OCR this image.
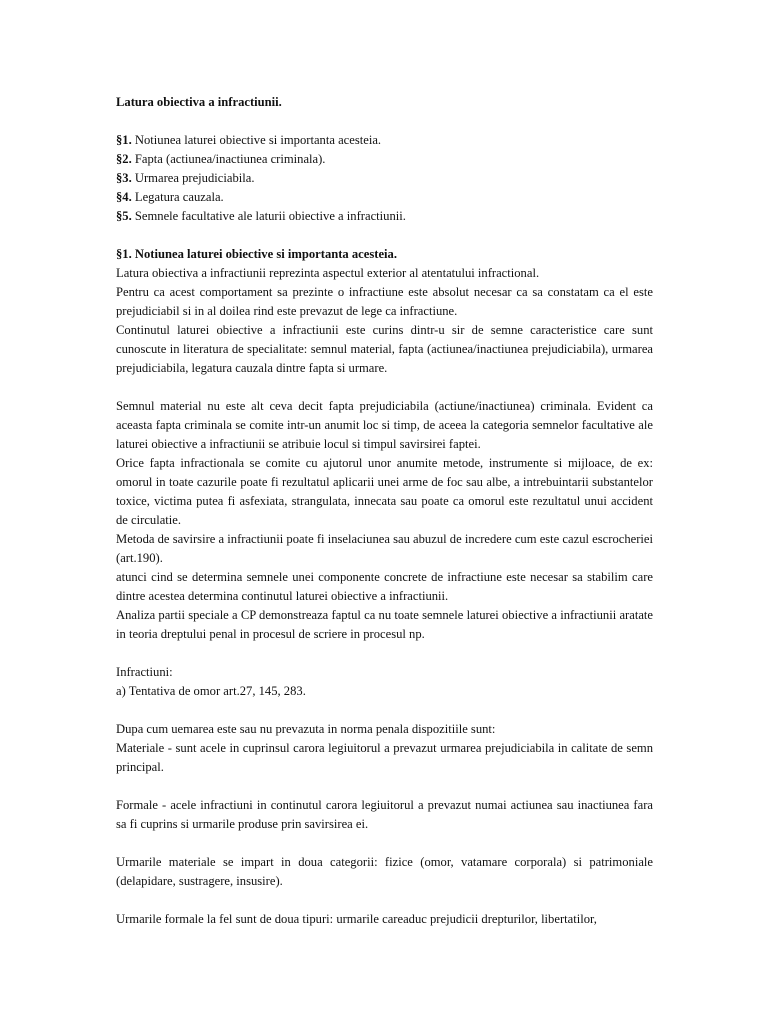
Latura obiectiva a infractiunii.

§1. Notiunea laturei obiective si importanta acesteia.

§2. Fapta (actiunea/inactiunea criminala).

§3. Urmarea prejudiciabila.

§4. Legatura cauzala.

§5. Semnele facultative ale laturii obiective a infractiunii.

§1. Notiunea laturei obiective si importanta acesteia.

Latura obiectiva a infractiunii reprezinta aspectul exterior al atentatului infractional.

Pentru ca acest comportament sa prezinte o infractiune este absolut necesar ca sa constatam ca el este prejudiciabil si in al doilea rind este prevazut de lege ca infractiune.

Continutul laturei obiective a infractiunii este curins dintr-u sir de semne caracteristice care sunt cunoscute in literatura de specialitate: semnul material, fapta (actiunea/inactiunea prejudiciabila), urmarea prejudiciabila, legatura cauzala dintre fapta si urmare.

Semnul material nu este alt ceva decit fapta prejudiciabila (actiune/inactiunea) criminala. Evident ca aceasta fapta criminala se comite intr-un anumit loc si timp, de aceea la categoria semnelor facultative ale laturei obiective a infractiunii se atribuie locul si timpul savirsirei faptei.

Orice fapta infractionala se comite cu ajutorul unor anumite metode, instrumente si mijloace, de ex: omorul in toate cazurile poate fi rezultatul aplicarii unei arme de foc sau albe, a intrebuintarii substantelor toxice, victima putea fi asfexiata, strangulata, innecata sau poate ca omorul este rezultatul unui accident de circulatie.

Metoda de savirsire a infractiunii poate fi inselaciunea sau abuzul de incredere cum este cazul escrocheriei (art.190).

atunci cind se determina semnele unei componente concrete de infractiune este necesar sa stabilim care dintre acestea determina continutul laturei obiective a infractiunii.

Analiza partii speciale a CP demonstreaza faptul ca nu toate semnele laturei obiective a infractiunii aratate in teoria dreptului penal in procesul de scriere in procesul np.

Infractiuni:

a) Tentativa de omor art.27, 145, 283.

Dupa cum uemarea este sau nu prevazuta in norma penala dispozitiile sunt:

Materiale - sunt acele in cuprinsul carora legiuitorul a prevazut urmarea prejudiciabila in calitate de semn principal.

Formale - acele infractiuni in continutul carora legiuitorul a prevazut numai actiunea sau inactiunea fara sa fi cuprins si urmarile produse prin savirsirea ei.

Urmarile materiale se impart in doua categorii: fizice (omor, vatamare corporala) si patrimoniale (delapidare, sustragere, insusire).

Urmarile formale la fel sunt de doua tipuri: urmarile careaduc prejudicii drepturilor, libertatilor,
